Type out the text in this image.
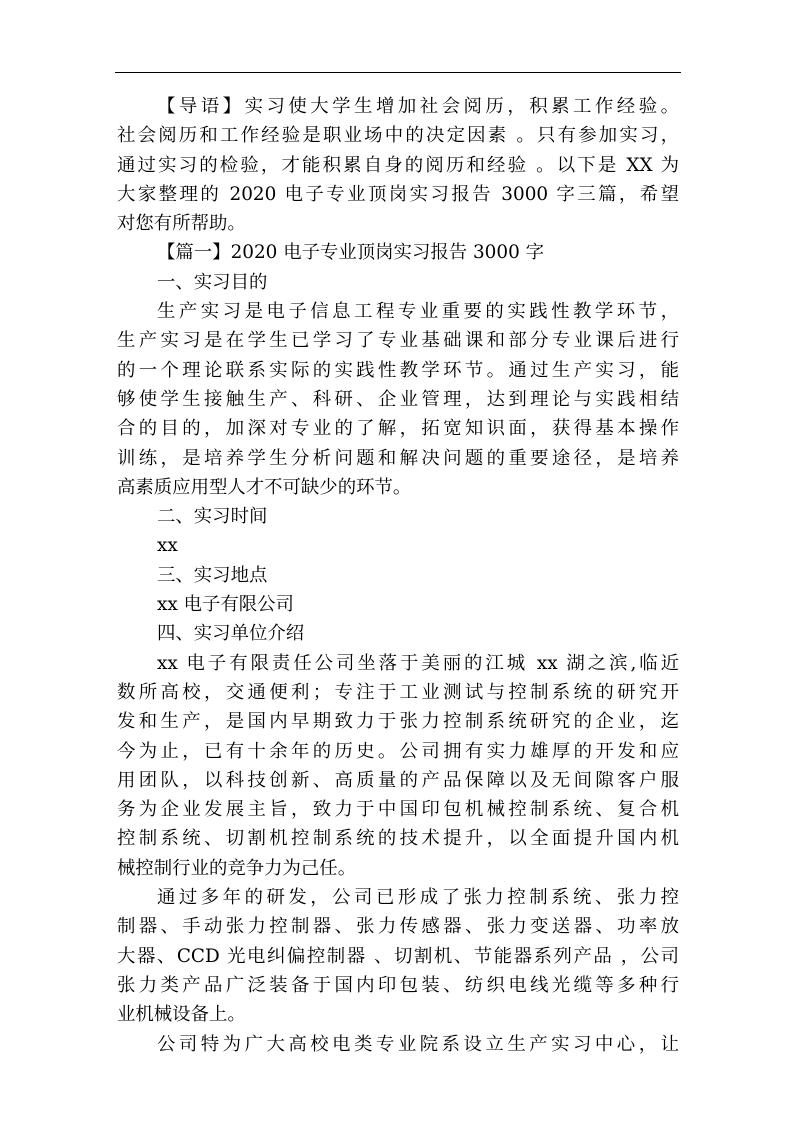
【导语】实习使大学生增加社会阅历，积累工作经验。
社会阅历和工作经验是职业场中的决定因素 。只有参加实习，
通过实习的检验，才能积累自身的阅历和经验 。以下是 XX 为
大家整理的 2020 电子专业顶岗实习报告 3000 字三篇，希望
对您有所帮助。
【篇一】2020 电子专业顶岗实习报告 3000 字
一、实习目的
生产实习是电子信息工程专业重要的实践性教学环节，
生产实习是在学生已学习了专业基础课和部分专业课后进行
的一个理论联系实际的实践性教学环节。通过生产实习，能
够使学生接触生产、科研、企业管理，达到理论与实践相结
合的目的，加深对专业的了解，拓宽知识面，获得基本操作
训练，是培养学生分析问题和解决问题的重要途径，是培养
高素质应用型人才不可缺少的环节。
二、实习时间
xx
三、实习地点
xx 电子有限公司
四、实习单位介绍
xx 电子有限责任公司坐落于美丽的江城 xx 湖之滨,临近
数所高校，交通便利；专注于工业测试与控制系统的研究开
发和生产，是国内早期致力于张力控制系统研究的企业，迄
今为止，已有十余年的历史。公司拥有实力雄厚的开发和应
用团队，以科技创新、高质量的产品保障以及无间隙客户服
务为企业发展主旨，致力于中国印包机械控制系统、复合机
控制系统、切割机控制系统的技术提升，以全面提升国内机
械控制行业的竞争力为己任。
通过多年的研发，公司已形成了张力控制系统、张力控
制器、手动张力控制器、张力传感器、张力变送器、功率放
大器、CCD 光电纠偏控制器 、切割机、节能器系列产品 ，公司
张力类产品广泛装备于国内印包装、纺织电线光缆等多种行
业机械设备上。
公司特为广大高校电类专业院系设立生产实习中心，让
